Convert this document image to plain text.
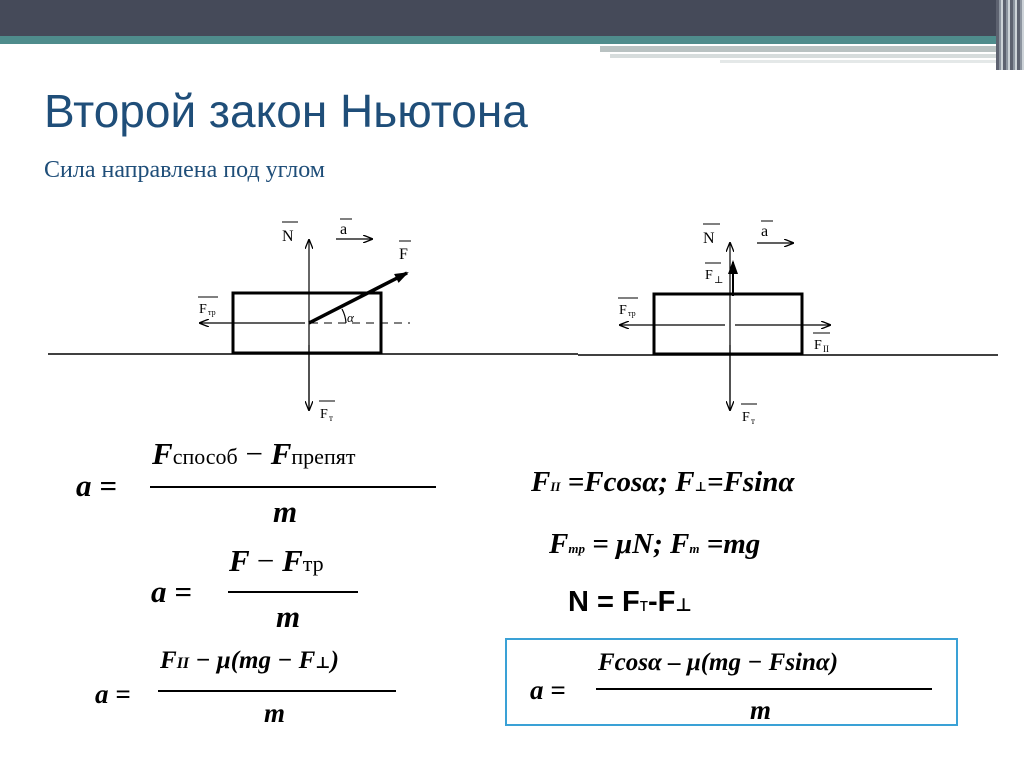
Второй закон Ньютона
Сила направлена под углом
N	a
F
F тр
F т
α
N	a
F ⊥
F тр
F II
F т
a =
Fспособ − Fпрепят
m
a =
F − Fтр
m
a =
FII − μ(mg − F⊥)
m
FII =Fcosα; F⊥=Fsinα
Fтр = μN; Fт =mg
N = Fт-F⊥
a =
Fcosα – μ(mg − Fsinα)
m
